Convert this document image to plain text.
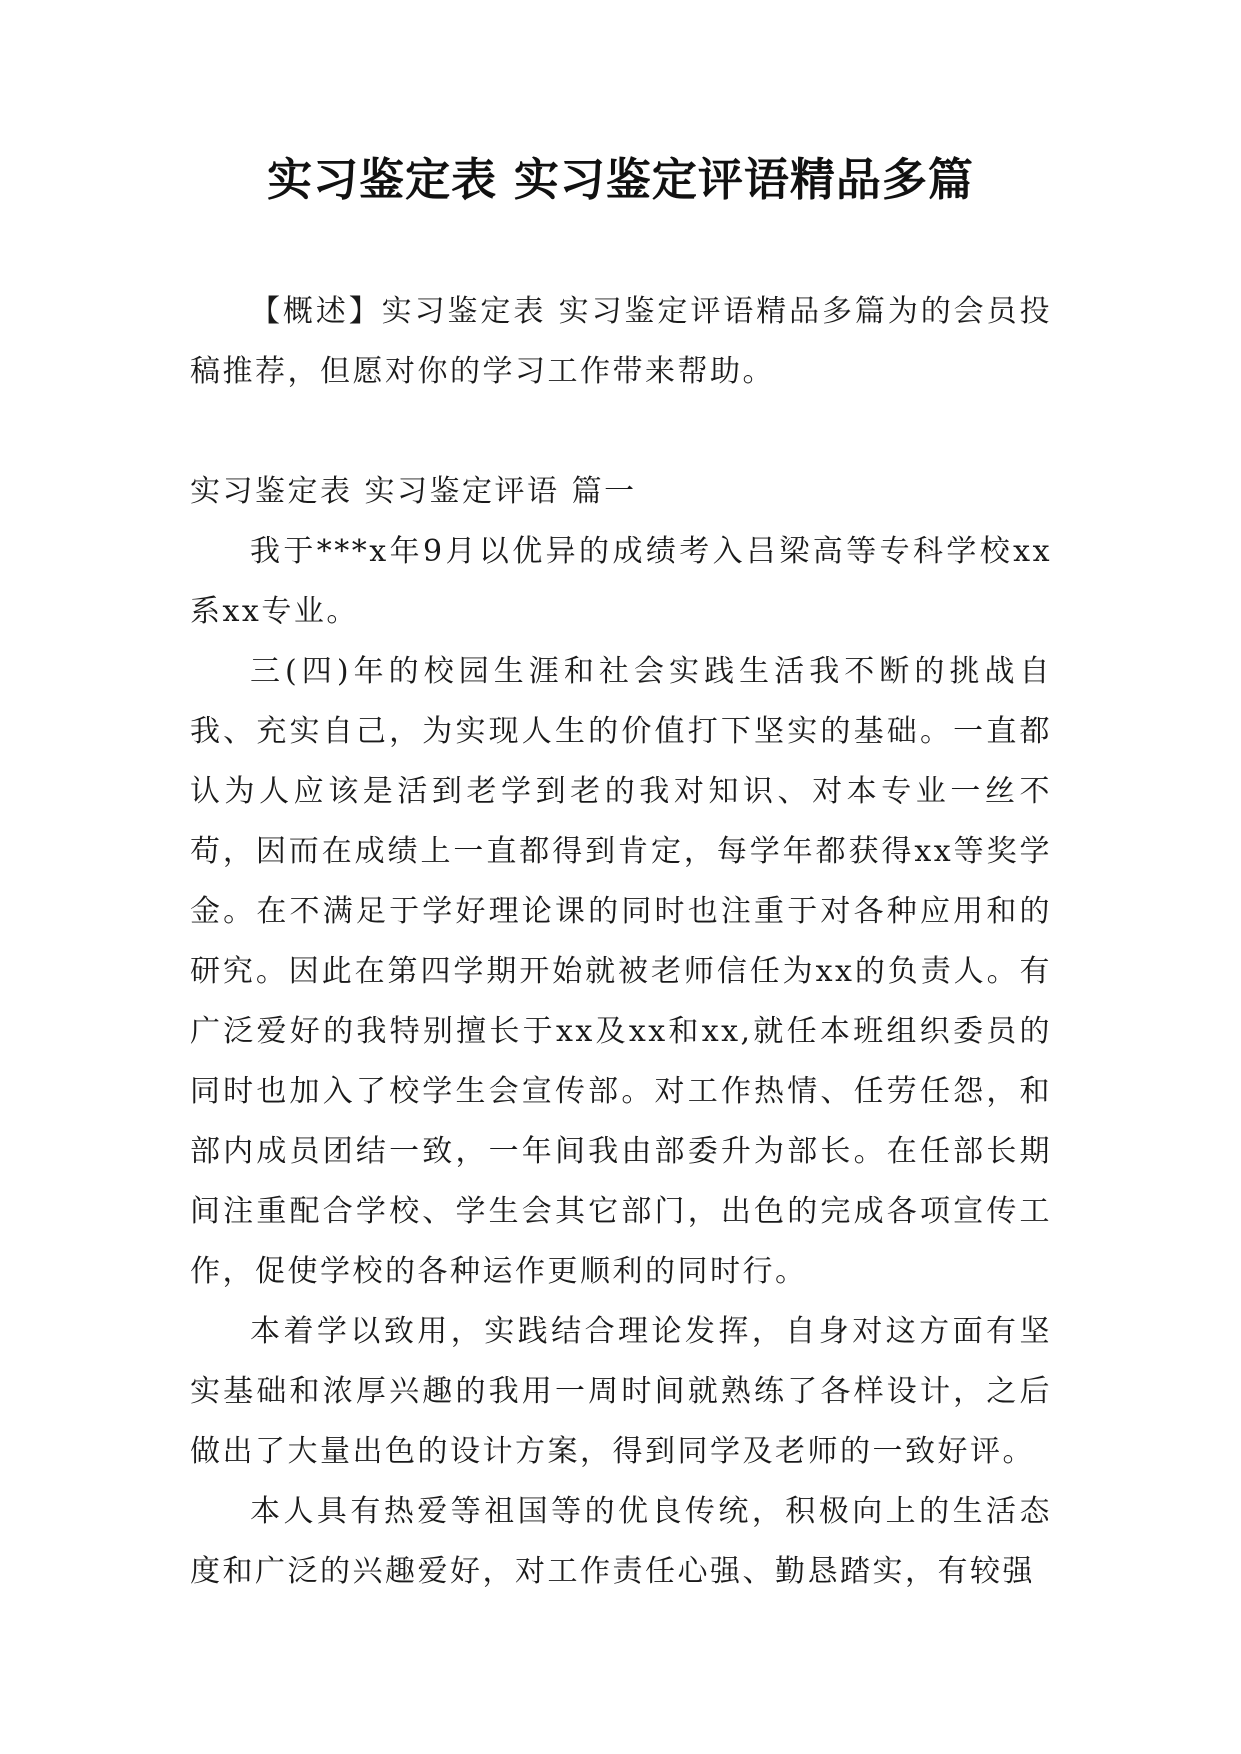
实习鉴定表 实习鉴定评语精品多篇

【概述】实习鉴定表 实习鉴定评语精品多篇为的会员投稿推荐，但愿对你的学习工作带来帮助。

实习鉴定表 实习鉴定评语 篇一

我于***x年9月以优异的成绩考入吕梁高等专科学校xx系xx专业。

三(四)年的校园生涯和社会实践生活我不断的挑战自我、充实自己，为实现人生的价值打下坚实的基础。一直都认为人应该是活到老学到老的我对知识、对本专业一丝不苟，因而在成绩上一直都得到肯定，每学年都获得xx等奖学金。在不满足于学好理论课的同时也注重于对各种应用和的研究。因此在第四学期开始就被老师信任为xx的负责人。有广泛爱好的我特别擅长于xx及xx和xx,就任本班组织委员的同时也加入了校学生会宣传部。对工作热情、任劳任怨，和部内成员团结一致，一年间我由部委升为部长。在任部长期间注重配合学校、学生会其它部门，出色的完成各项宣传工作，促使学校的各种运作更顺利的同时行。

本着学以致用，实践结合理论发挥，自身对这方面有坚实基础和浓厚兴趣的我用一周时间就熟练了各样设计，之后做出了大量出色的设计方案，得到同学及老师的一致好评。

本人具有热爱等祖国等的优良传统，积极向上的生活态度和广泛的兴趣爱好，对工作责任心强、勤恳踏实，有较强
